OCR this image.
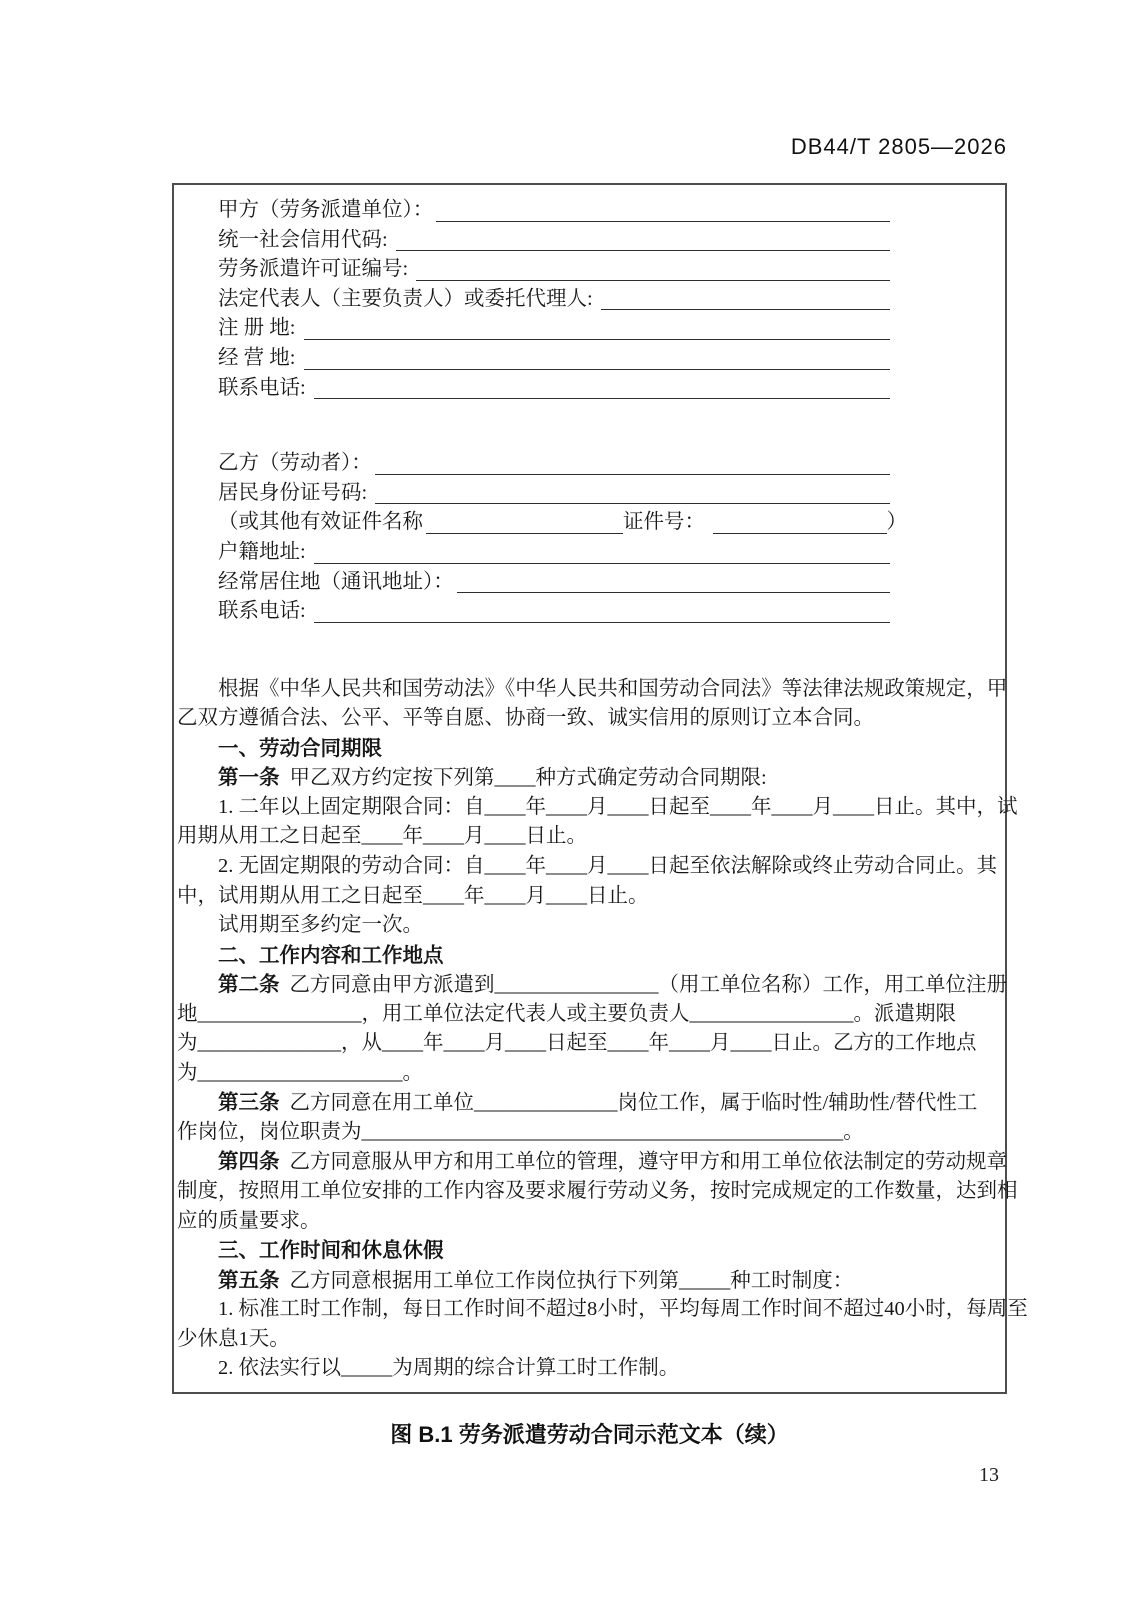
DB44/T 2805—2026
甲方（劳务派遣单位）：
统一社会信用代码:
劳务派遣许可证编号:
法定代表人（主要负责人）或委托代理人:
注 册 地:
经 营 地:
联系电话:
乙方（劳动者）：
居民身份证号码:
（或其他有效证件名称	证件号：	）
户籍地址:
经常居住地（通讯地址）：
联系电话:
根据《中华人民共和国劳动法》《中华人民共和国劳动合同法》等法律法规政策规定，甲
乙双方遵循合法、公平、平等自愿、协商一致、诚实信用的原则订立本合同。
一、劳动合同期限
第一条 甲乙双方约定按下列第____种方式确定劳动合同期限:
1. 二年以上固定期限合同：自____年____月____日起至____年____月____日止。其中，试
用期从用工之日起至____年____月____日止。
2. 无固定期限的劳动合同：自____年____月____日起至依法解除或终止劳动合同止。其
中，试用期从用工之日起至____年____月____日止。
试用期至多约定一次。
二、工作内容和工作地点
第二条 乙方同意由甲方派遣到________________（用工单位名称）工作，用工单位注册
地________________，用工单位法定代表人或主要负责人________________。派遣期限
为______________，从____年____月____日起至____年____月____日止。乙方的工作地点
为____________________。
第三条 乙方同意在用工单位______________岗位工作，属于临时性/辅助性/替代性工
作岗位，岗位职责为_______________________________________________。
第四条 乙方同意服从甲方和用工单位的管理，遵守甲方和用工单位依法制定的劳动规章
制度，按照用工单位安排的工作内容及要求履行劳动义务，按时完成规定的工作数量，达到相
应的质量要求。
三、工作时间和休息休假
第五条 乙方同意根据用工单位工作岗位执行下列第_____种工时制度：
1. 标准工时工作制，每日工作时间不超过8小时，平均每周工作时间不超过40小时，每周至
少休息1天。
2. 依法实行以_____为周期的综合计算工时工作制。
图 B.1 劳务派遣劳动合同示范文本（续）
13
